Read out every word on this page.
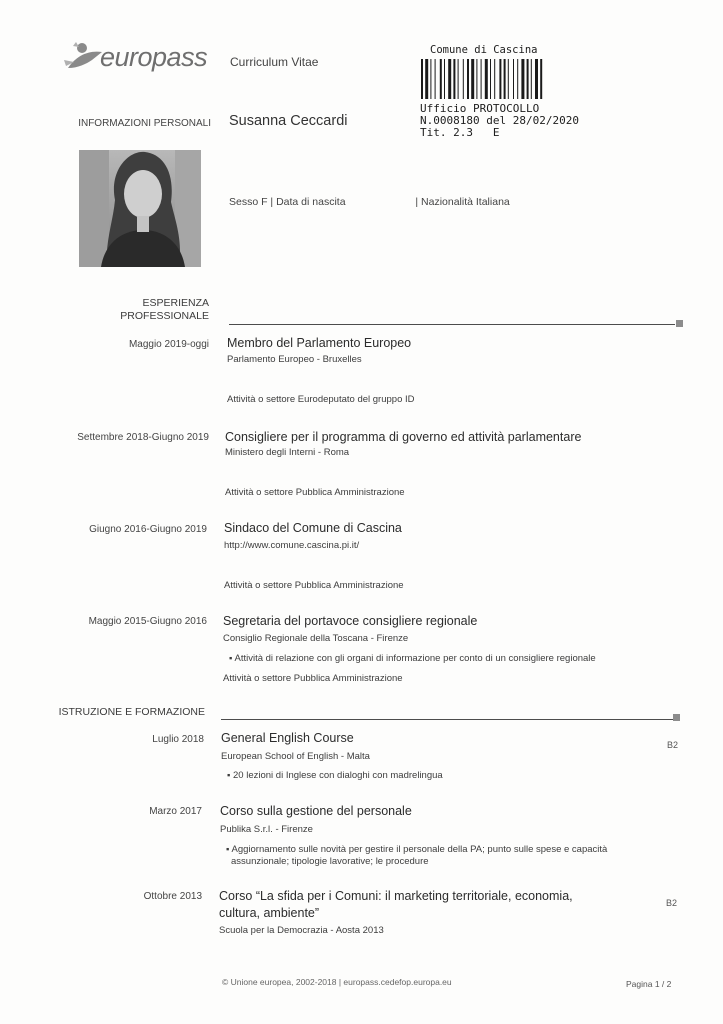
europass Curriculum Vitae
Comune di Cascina
Ufficio PROTOCOLLO
N.0008180 del 28/02/2020
Tit. 2.3 E
INFORMAZIONI PERSONALI Susanna Ceccardi
Sesso F | Data di nascita	| Nazionalità Italiana
ESPERIENZA
PROFESSIONALE
Maggio 2019-oggi Membro del Parlamento Europeo
Parlamento Europeo - Bruxelles
Attività o settore Eurodeputato del gruppo ID
Settembre 2018-Giugno 2019 Consigliere per il programma di governo ed attività parlamentare
Ministero degli Interni - Roma
Attività o settore Pubblica Amministrazione
Giugno 2016-Giugno 2019 Sindaco del Comune di Cascina
http://www.comune.cascina.pi.it/
Attività o settore Pubblica Amministrazione
Maggio 2015-Giugno 2016 Segretaria del portavoce consigliere regionale
Consiglio Regionale della Toscana - Firenze
▪ Attività di relazione con gli organi di informazione per conto di un consigliere regionale
Attività o settore Pubblica Amministrazione
ISTRUZIONE E FORMAZIONE
Luglio 2018 General English Course
European School of English - Malta
▪ 20 lezioni di Inglese con dialoghi con madrelingua
B2
Marzo 2017 Corso sulla gestione del personale
Publika S.r.l. - Firenze
▪ Aggiornamento sulle novità per gestire il personale della PA; punto sulle spese e capacità
assunzionale; tipologie lavorative; le procedure
Ottobre 2013 Corso “La sfida per i Comuni: il marketing territoriale, economia,
cultura, ambiente”
Scuola per la Democrazia - Aosta 2013
B2
© Unione europea, 2002-2018 | europass.cedefop.europa.eu	Pagina 1 / 2
